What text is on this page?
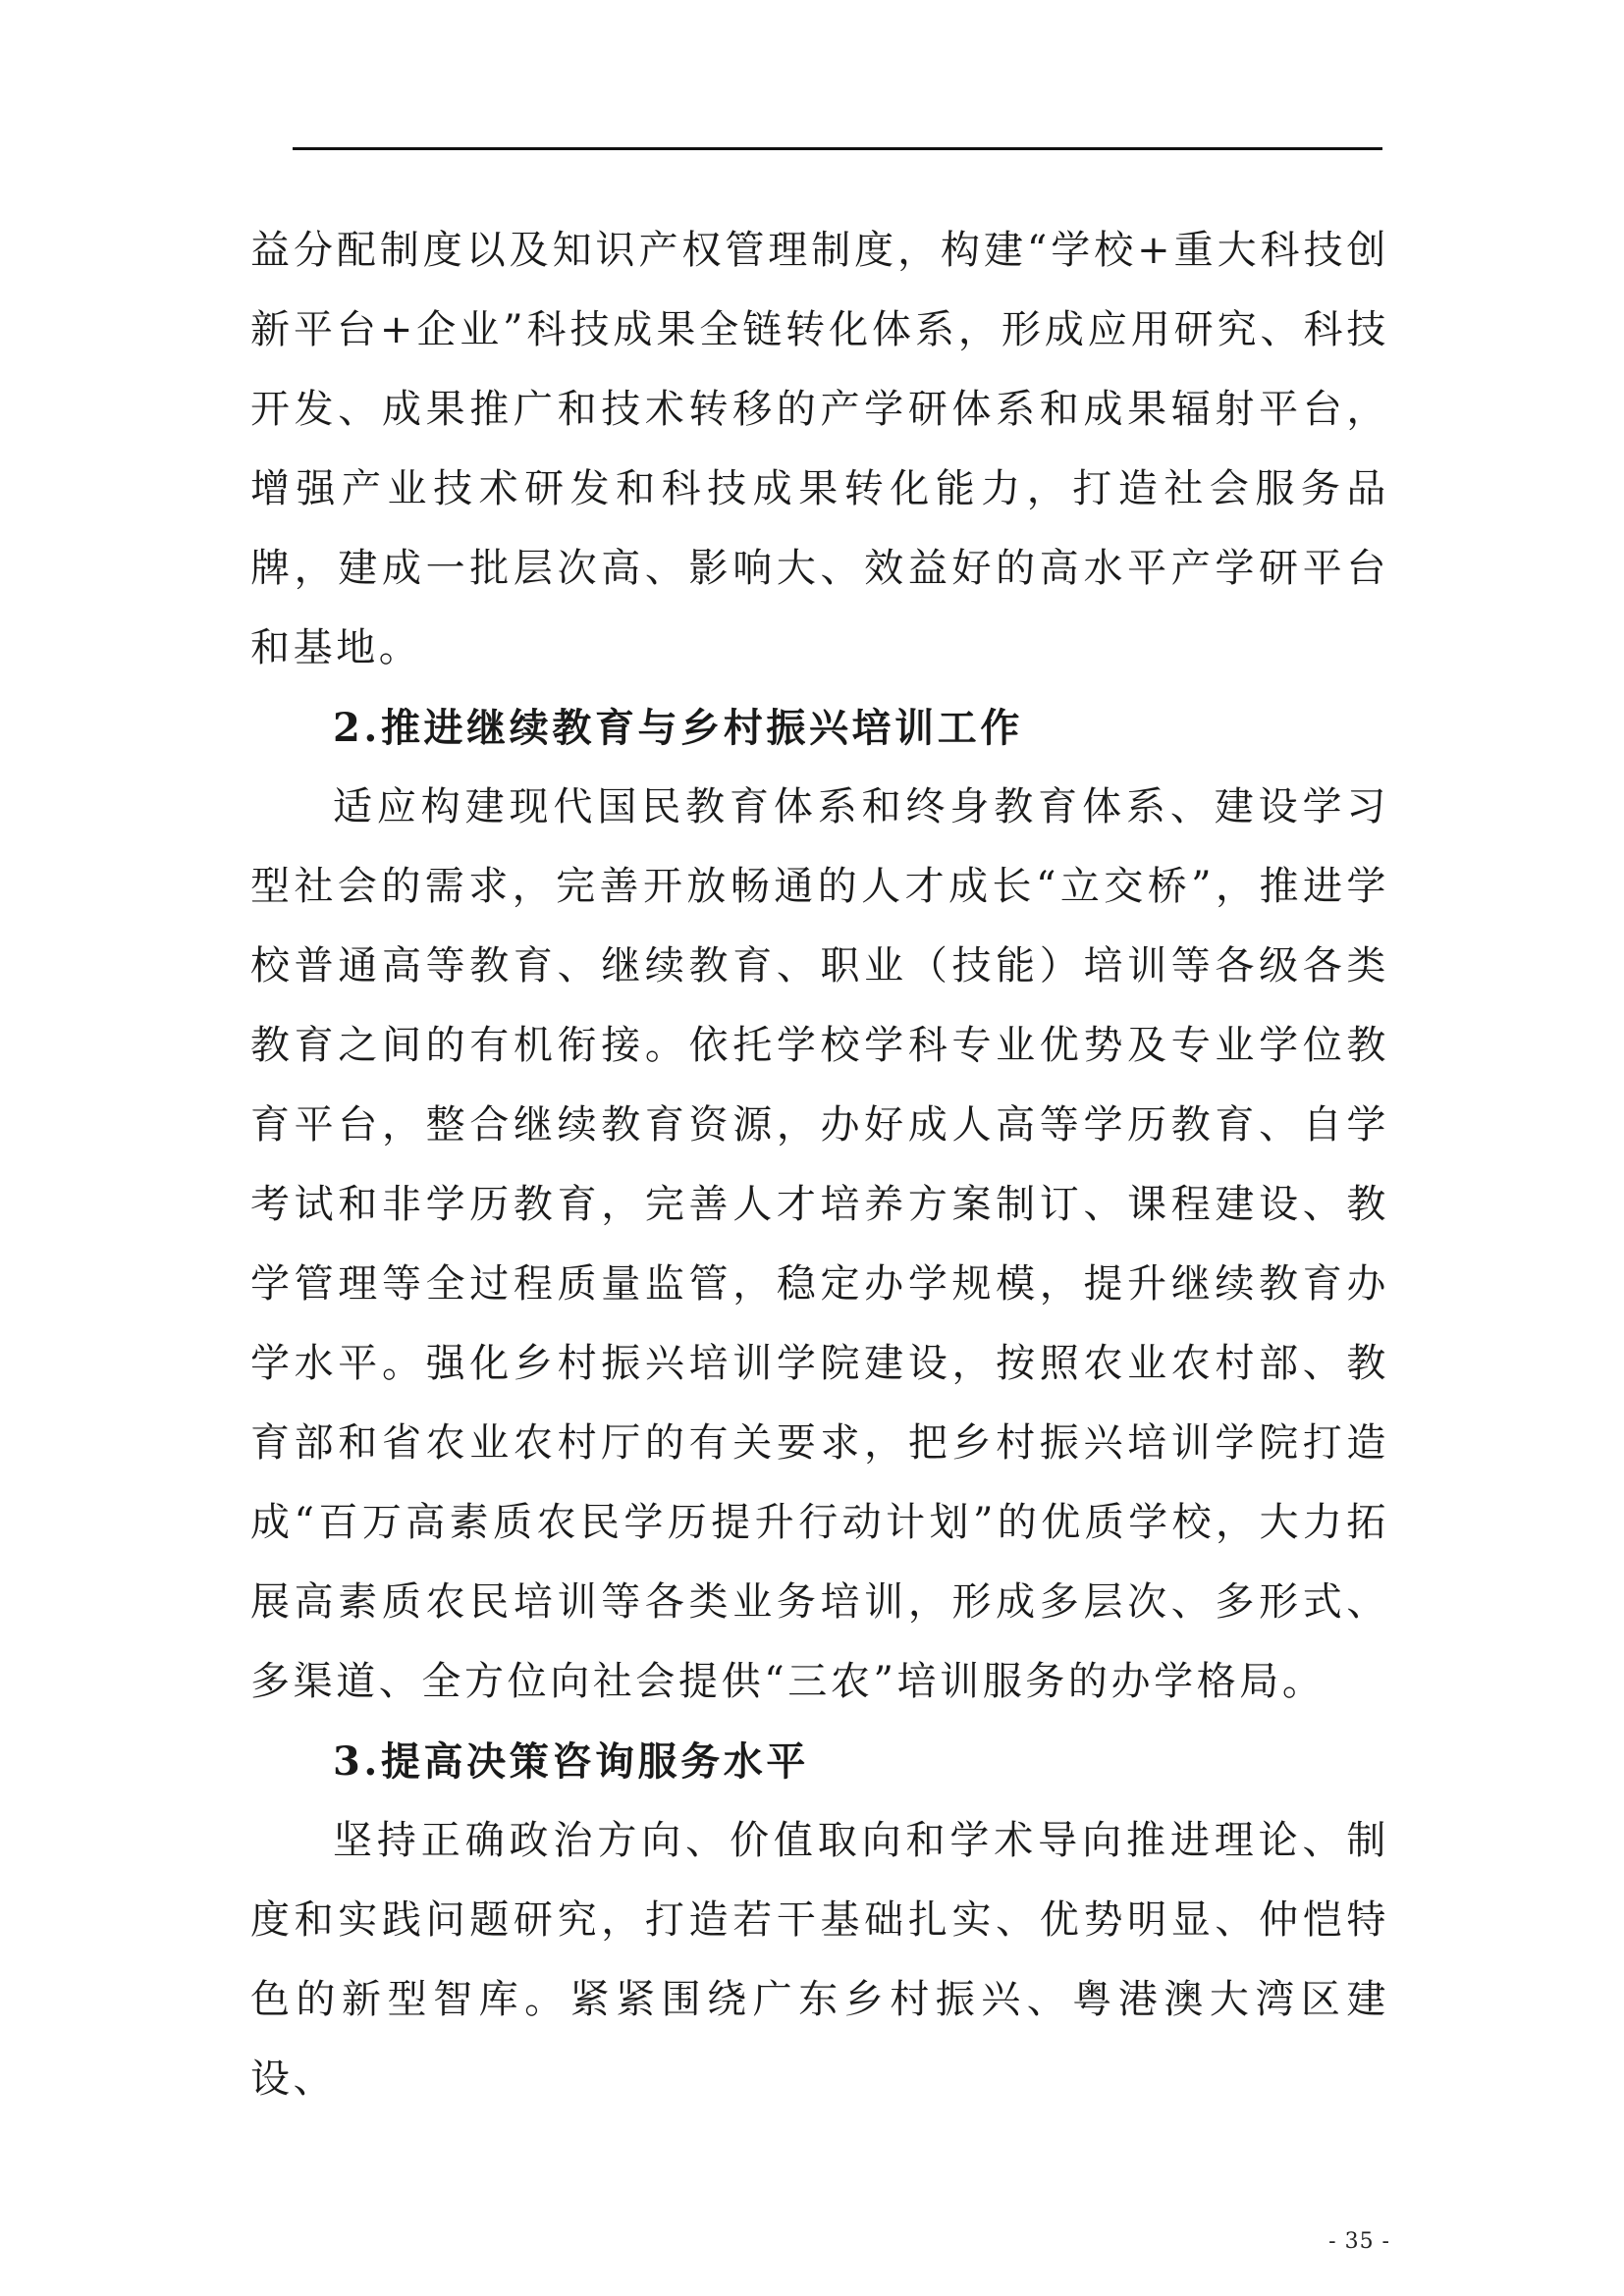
益分配制度以及知识产权管理制度，构建“学校+重大科技创新平台+企业”科技成果全链转化体系，形成应用研究、科技开发、成果推广和技术转移的产学研体系和成果辐射平台，增强产业技术研发和科技成果转化能力，打造社会服务品牌，建成一批层次高、影响大、效益好的高水平产学研平台和基地。

2.推进继续教育与乡村振兴培训工作

适应构建现代国民教育体系和终身教育体系、建设学习型社会的需求，完善开放畅通的人才成长“立交桥”，推进学校普通高等教育、继续教育、职业（技能）培训等各级各类教育之间的有机衔接。依托学校学科专业优势及专业学位教育平台，整合继续教育资源，办好成人高等学历教育、自学考试和非学历教育，完善人才培养方案制订、课程建设、教学管理等全过程质量监管，稳定办学规模，提升继续教育办学水平。强化乡村振兴培训学院建设，按照农业农村部、教育部和省农业农村厅的有关要求，把乡村振兴培训学院打造成“百万高素质农民学历提升行动计划”的优质学校，大力拓展高素质农民培训等各类业务培训，形成多层次、多形式、多渠道、全方位向社会提供“三农”培训服务的办学格局。

3.提高决策咨询服务水平

坚持正确政治方向、价值取向和学术导向推进理论、制度和实践问题研究，打造若干基础扎实、优势明显、仲恺特色的新型智库。紧紧围绕广东乡村振兴、粤港澳大湾区建设、

- 35 -
